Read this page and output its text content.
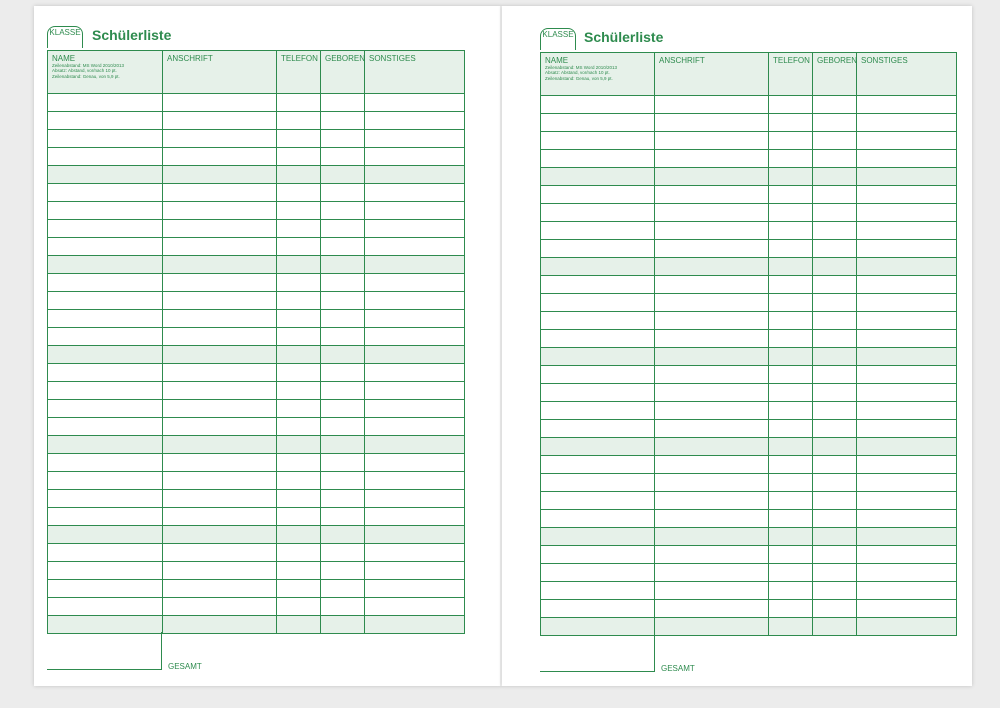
KLASSE Schülerliste
NAME
Zeilenabstand: MS Word 2010/2013
Absatz: Abstand, vor/nach 10 pt.
Zeilenabstand: Genau, von 5,9 pt.	ANSCHRIFT	TELEFON	GEBOREN	SONSTIGES

GESAMT
KLASSE Schülerliste
NAME
Zeilenabstand: MS Word 2010/2013
Absatz: Abstand, vor/nach 10 pt.
Zeilenabstand: Genau, von 5,9 pt.	ANSCHRIFT	TELEFON	GEBOREN	SONSTIGES

GESAMT
